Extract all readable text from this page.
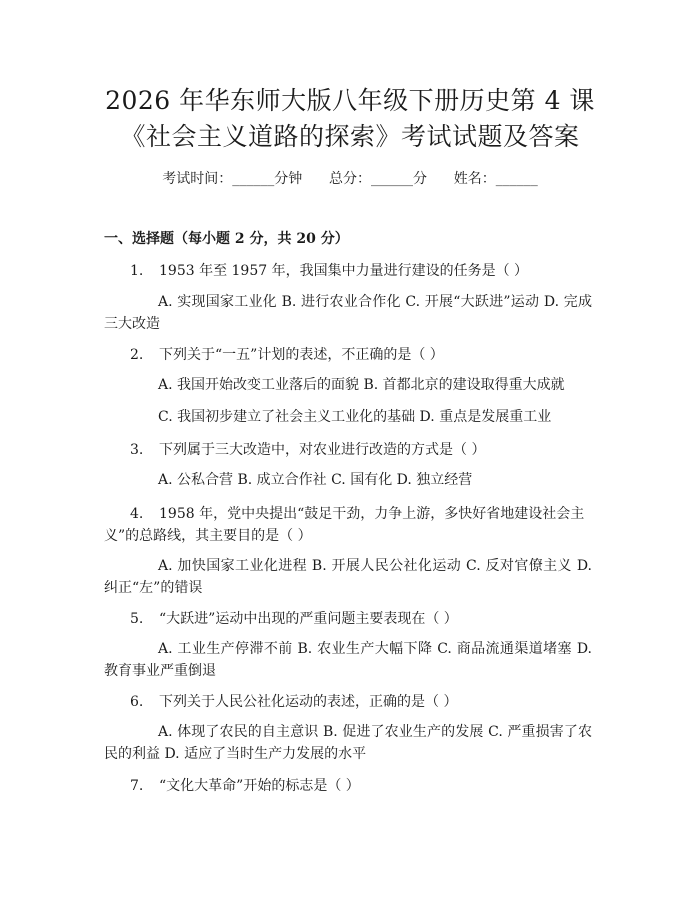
2026 年华东师大版八年级下册历史第 4 课
《社会主义道路的探索》考试试题及答案
考试时间：______分钟      总分：______分      姓名：______
一、选择题（每小题 2 分，共 20 分）
1. 1953 年至 1957 年，我国集中力量进行建设的任务是（ ）
A. 实现国家工业化 B. 进行农业合作化 C. 开展“大跃进”运动 D. 完成三大改造
2. 下列关于“一五”计划的表述，不正确的是（ ）
A. 我国开始改变工业落后的面貌 B. 首都北京的建设取得重大成就
C. 我国初步建立了社会主义工业化的基础 D. 重点是发展重工业
3. 下列属于三大改造中，对农业进行改造的方式是（ ）
A. 公私合营 B. 成立合作社 C. 国有化 D. 独立经营
4. 1958 年，党中央提出“鼓足干劲，力争上游，多快好省地建设社会主义”的总路线，其主要目的是（ ）
A. 加快国家工业化进程 B. 开展人民公社化运动 C. 反对官僚主义 D. 纠正“左”的错误
5. “大跃进”运动中出现的严重问题主要表现在（ ）
A. 工业生产停滞不前 B. 农业生产大幅下降 C. 商品流通渠道堵塞 D. 教育事业严重倒退
6. 下列关于人民公社化运动的表述，正确的是（ ）
A. 体现了农民的自主意识 B. 促进了农业生产的发展 C. 严重损害了农民的利益 D. 适应了当时生产力发展的水平
7. “文化大革命”开始的标志是（ ）
